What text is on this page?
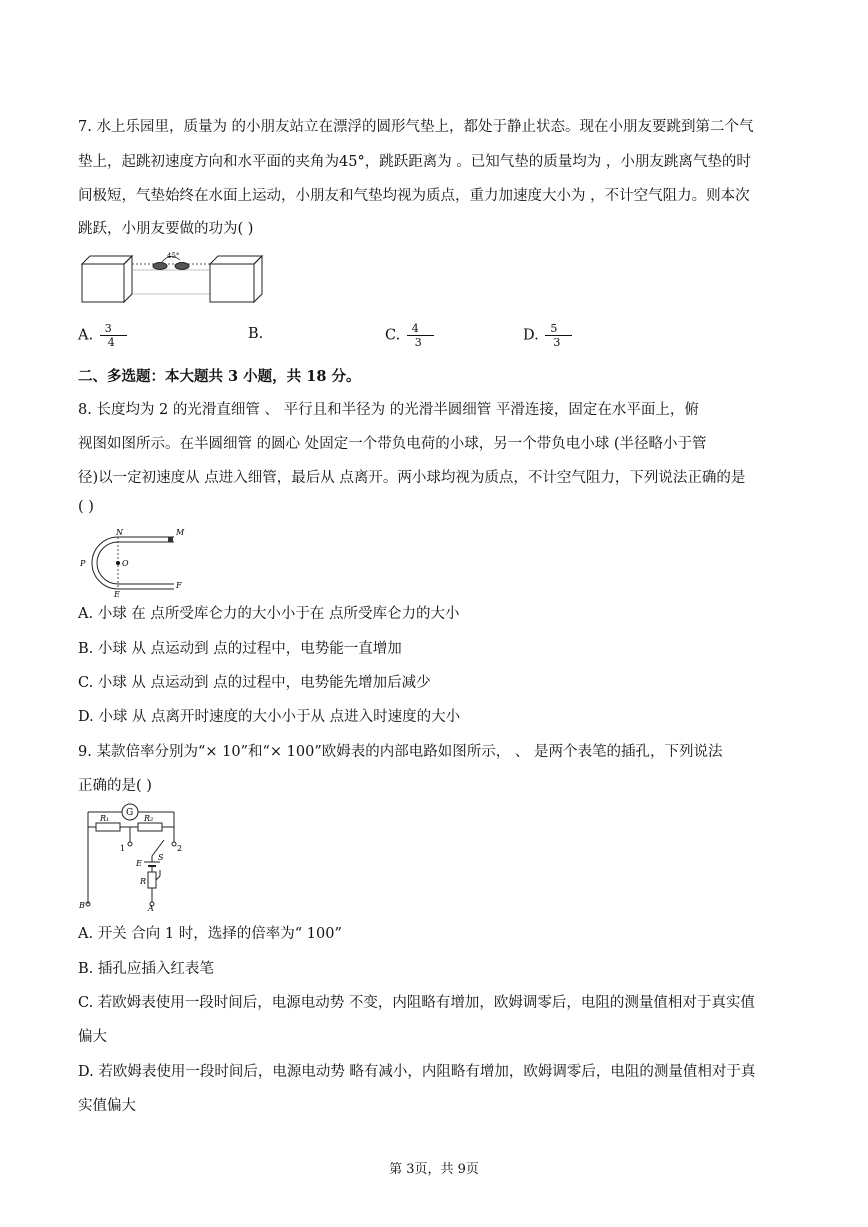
7. 水上乐园里，质量为 的小朋友站立在漂浮的圆形气垫上，都处于静止状态。现在小朋友要跳到第二个气
垫上，起跳初速度方向和水平面的夹角为45°，跳跃距离为 。已知气垫的质量均为 ，小朋友跳离气垫的时
间极短，气垫始终在水面上运动，小朋友和气垫均视为质点，重力加速度大小为 ，不计空气阻力。则本次
跳跃，小朋友要做的功为( )
45°
A. $\frac{3}{4}$	B.	C. $\frac{4}{3}$	D. $\frac{5}{3}$
二、多选题：本大题共 3 小题，共 18 分。
8. 长度均为 2 的光滑直细管 、 平行且和半径为 的光滑半圆细管 平滑连接，固定在水平面上，俯
视图如图所示。在半圆细管 的圆心 处固定一个带负电荷的小球，另一个带负电小球 (半径略小于管
径)以一定初速度从 点进入细管，最后从 点离开。两小球均视为质点，不计空气阻力，下列说法正确的是
( )
N	M
O
P
E
F
A. 小球 在 点所受库仑力的大小小于在 点所受库仑力的大小
B. 小球 从 点运动到 点的过程中，电势能一直增加
C. 小球 从 点运动到 点的过程中，电势能先增加后减少
D. 小球 从 点离开时速度的大小小于从 点进入时速度的大小
9. 某款倍率分别为“× 10”和“× 100”欧姆表的内部电路如图所示， 、 是两个表笔的插孔，下列说法
正确的是( )
G
R₁	R₂
1	2
S
E
R
A
B
A. 开关 合向 1 时，选择的倍率为“ 100”
B. 插孔应插入红表笔
C. 若欧姆表使用一段时间后，电源电动势 不变，内阻略有增加，欧姆调零后，电阻的测量值相对于真实值
偏大
D. 若欧姆表使用一段时间后，电源电动势 略有减小，内阻略有增加，欧姆调零后，电阻的测量值相对于真
实值偏大
第 3页，共 9页
